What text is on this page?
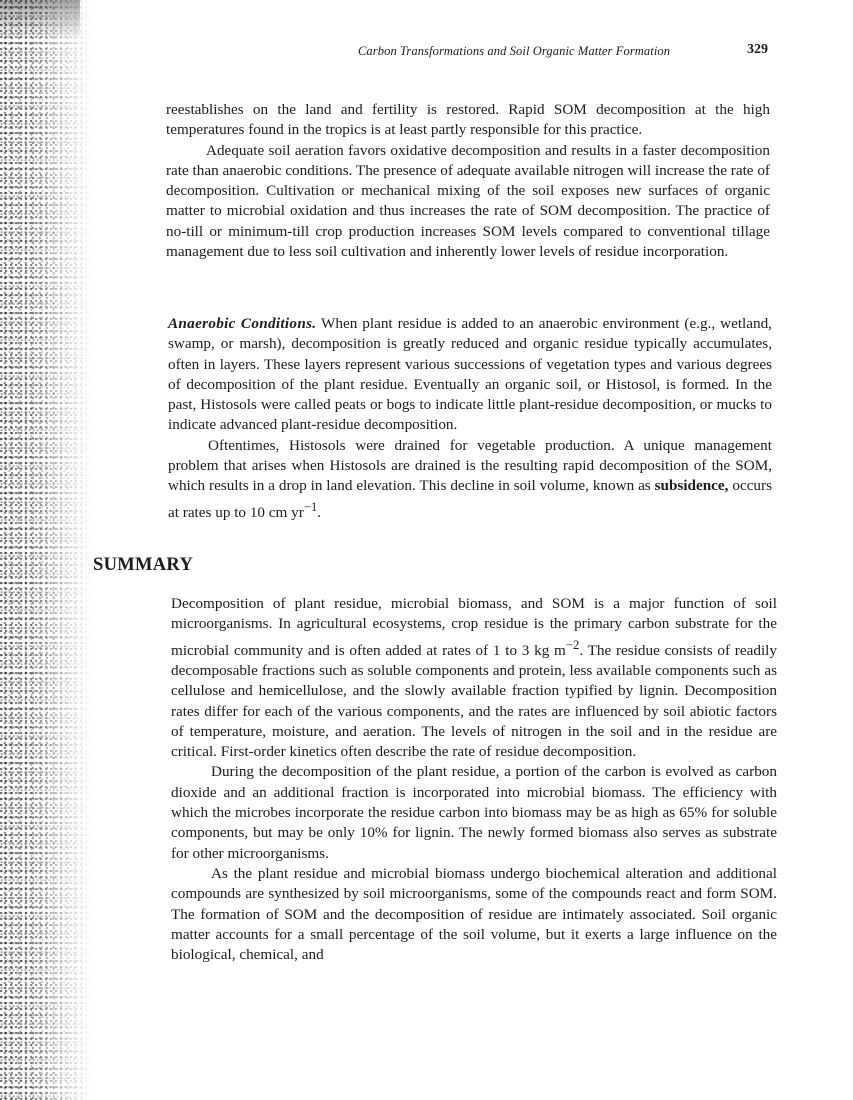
Carbon Transformations and Soil Organic Matter Formation	329

reestablishes on the land and fertility is restored. Rapid SOM decomposition at the high temperatures found in the tropics is at least partly responsible for this practice.

Adequate soil aeration favors oxidative decomposition and results in a faster decomposition rate than anaerobic conditions. The presence of adequate available nitrogen will increase the rate of decomposition. Cultivation or mechanical mixing of the soil exposes new surfaces of organic matter to microbial oxidation and thus increases the rate of SOM decomposition. The practice of no-till or minimum-till crop production increases SOM levels compared to conventional tillage management due to less soil cultivation and inherently lower levels of residue incorporation.

Anaerobic Conditions. When plant residue is added to an anaerobic environment (e.g., wetland, swamp, or marsh), decomposition is greatly reduced and organic residue typically accumulates, often in layers. These layers represent various successions of vegetation types and various degrees of decomposition of the plant residue. Eventually an organic soil, or Histosol, is formed. In the past, Histosols were called peats or bogs to indicate little plant-residue decomposition, or mucks to indicate advanced plant-residue decomposition.

Oftentimes, Histosols were drained for vegetable production. A unique management problem that arises when Histosols are drained is the resulting rapid decomposition of the SOM, which results in a drop in land elevation. This decline in soil volume, known as subsidence, occurs at rates up to 10 cm $yr^{-1}$.

SUMMARY

Decomposition of plant residue, microbial biomass, and SOM is a major function of soil microorganisms. In agricultural ecosystems, crop residue is the primary carbon substrate for the microbial community and is often added at rates of 1 to 3 kg $m^{-2}$. The residue consists of readily decomposable fractions such as soluble components and protein, less available components such as cellulose and hemicellulose, and the slowly available fraction typified by lignin. Decomposition rates differ for each of the various components, and the rates are influenced by soil abiotic factors of temperature, moisture, and aeration. The levels of nitrogen in the soil and in the residue are critical. First-order kinetics often describe the rate of residue decomposition.

During the decomposition of the plant residue, a portion of the carbon is evolved as carbon dioxide and an additional fraction is incorporated into microbial biomass. The efficiency with which the microbes incorporate the residue carbon into biomass may be as high as 65% for soluble components, but may be only 10% for lignin. The newly formed biomass also serves as substrate for other microorganisms.

As the plant residue and microbial biomass undergo biochemical alteration and additional compounds are synthesized by soil microorganisms, some of the compounds react and form SOM. The formation of SOM and the decomposition of residue are intimately associated. Soil organic matter accounts for a small percentage of the soil volume, but it exerts a large influence on the biological, chemical, and
